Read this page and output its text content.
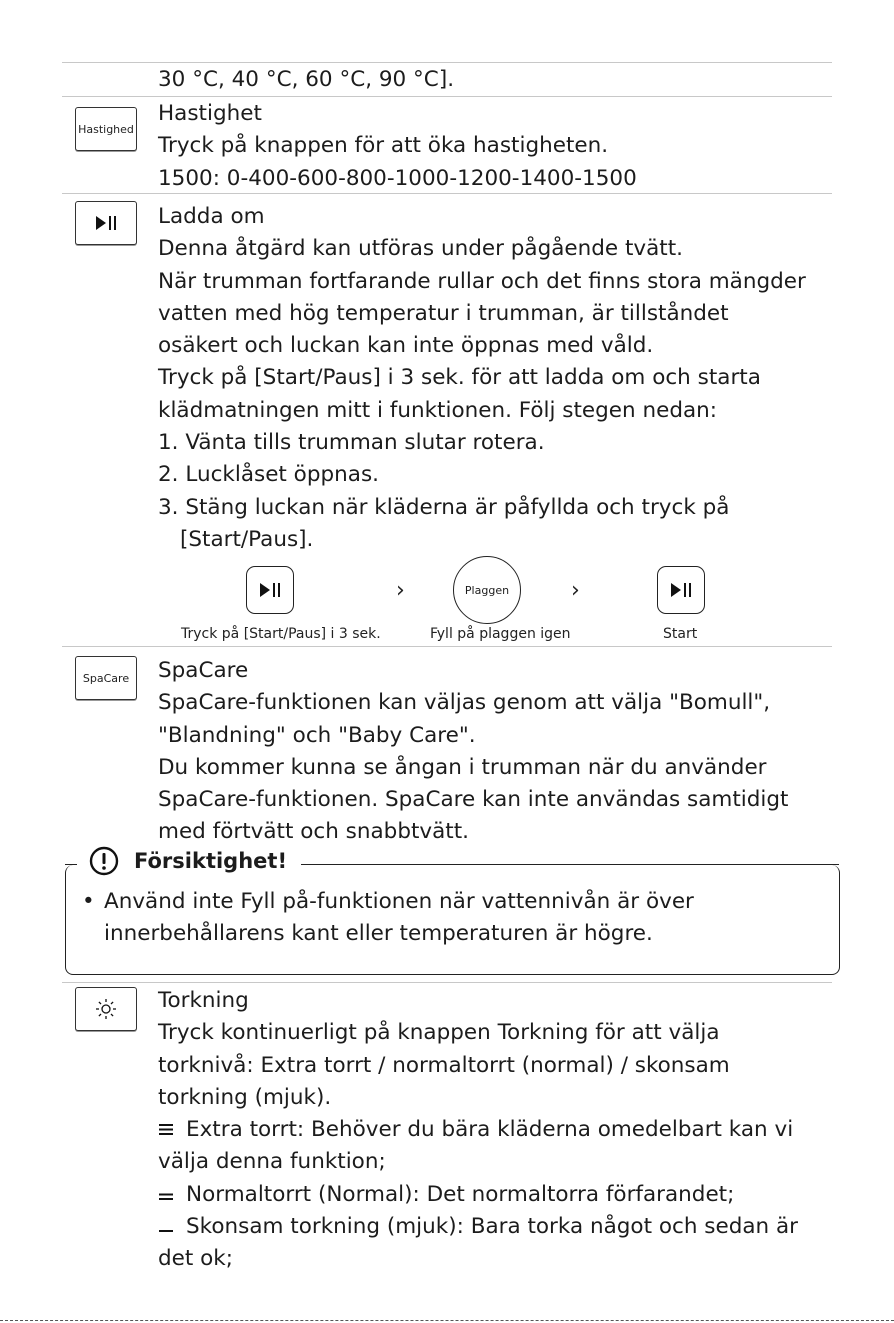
30 °C, 40 °C, 60 °C, 90 °C].
Hastighed
Hastighet
Tryck på knappen för att öka hastigheten.
1500: 0-400-600-800-1000-1200-1400-1500
Ladda om
Denna åtgärd kan utföras under pågående tvätt.
När trumman fortfarande rullar och det finns stora mängder
vatten med hög temperatur i trumman, är tillståndet
osäkert och luckan kan inte öppnas med våld.
Tryck på [Start/Paus] i 3 sek. för att ladda om och starta
klädmatningen mitt i funktionen. Följ stegen nedan:
1. Vänta tills trumman slutar rotera.
2. Lucklåset öppnas.
3. Stäng luckan när kläderna är påfyllda och tryck på
[Start/Paus].
›	Plaggen	›
Tryck på [Start/Paus] i 3 sek.	Fyll på plaggen igen	Start
SpaCare SpaCare
SpaCare-funktionen kan väljas genom att välja "Bomull",
"Blandning" och "Baby Care".
Du kommer kunna se ångan i trumman när du använder
SpaCare-funktionen. SpaCare kan inte användas samtidigt
med förtvätt och snabbtvätt.
Försiktighet!
• Använd inte Fyll på-funktionen när vattennivån är över
innerbehållarens kant eller temperaturen är högre.
Torkning
Tryck kontinuerligt på knappen Torkning för att välja
torknivå: Extra torrt / normaltorrt (normal) / skonsam
torkning (mjuk).
Extra torrt: Behöver du bära kläderna omedelbart kan vi
välja denna funktion;
Normaltorrt (Normal): Det normaltorra förfarandet;
Skonsam torkning (mjuk): Bara torka något och sedan är
det ok;
